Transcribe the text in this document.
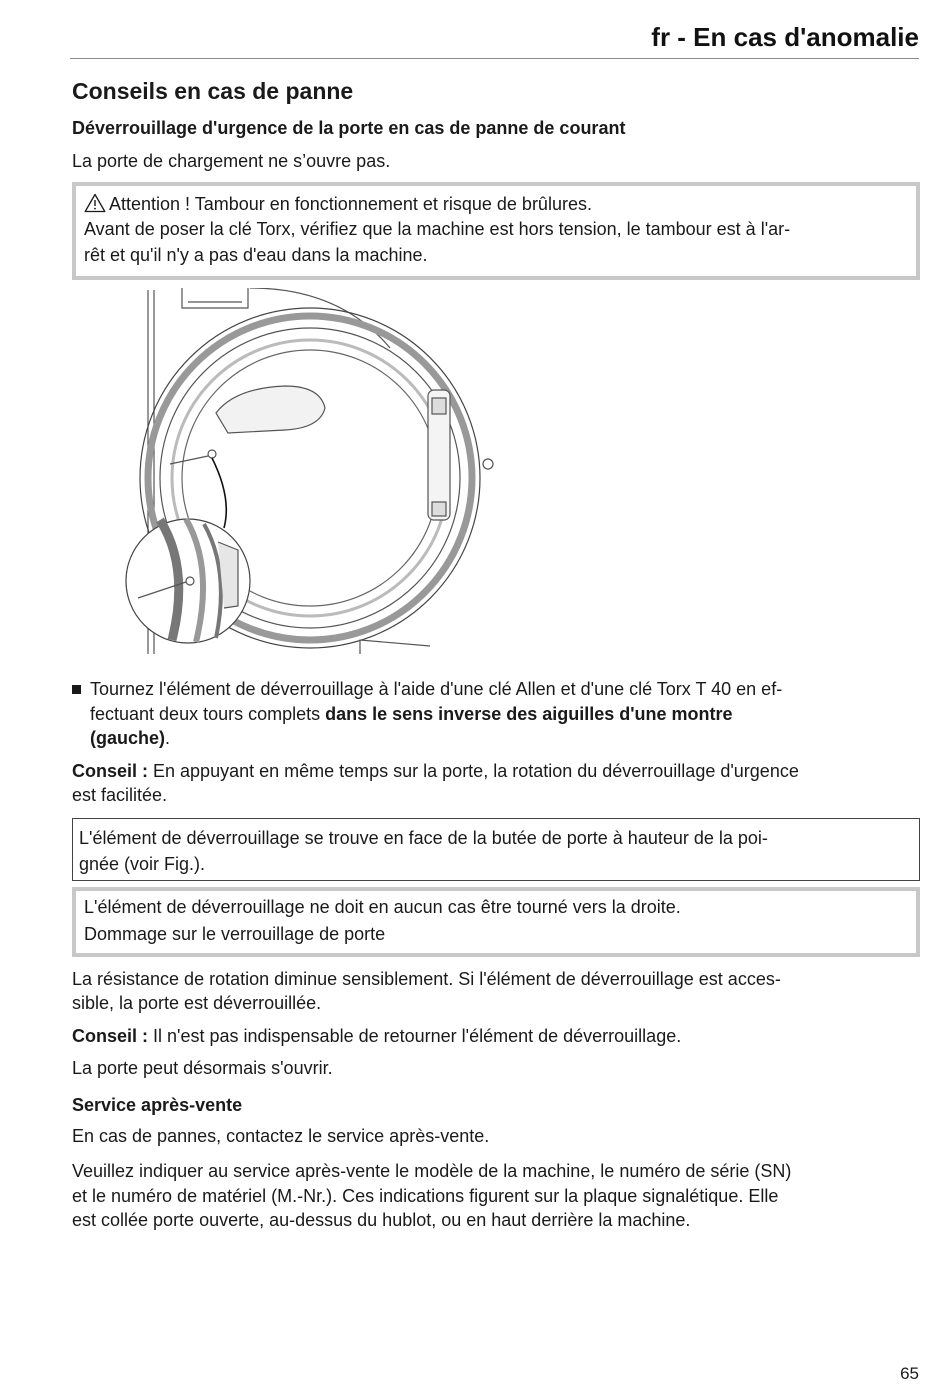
fr - En cas d'anomalie
Conseils en cas de panne
Déverrouillage d'urgence de la porte en cas de panne de courant

La porte de chargement ne s’ouvre pas.

Attention ! Tambour en fonctionnement et risque de brûlures.
Avant de poser la clé Torx, vérifiez que la machine est hors tension, le tambour est à l'ar-
rêt et qu'il n'y a pas d'eau dans la machine.

Tournez l'élément de déverrouillage à l'aide d'une clé Allen et d'une clé Torx T 40 en ef-
fectuant deux tours complets dans le sens inverse des aiguilles d'une montre
(gauche).

Conseil : En appuyant en même temps sur la porte, la rotation du déverrouillage d'urgence
est facilitée.

L'élément de déverrouillage se trouve en face de la butée de porte à hauteur de la poi-
gnée (voir Fig.).
L'élément de déverrouillage ne doit en aucun cas être tourné vers la droite.
Dommage sur le verrouillage de porte

La résistance de rotation diminue sensiblement. Si l'élément de déverrouillage est acces-
sible, la porte est déverrouillée.

Conseil : Il n'est pas indispensable de retourner l'élément de déverrouillage.

La porte peut désormais s'ouvrir.

Service après-vente

En cas de pannes, contactez le service après-vente.

Veuillez indiquer au service après-vente le modèle de la machine, le numéro de série (SN)
et le numéro de matériel (M.-Nr.). Ces indications figurent sur la plaque signalétique. Elle
est collée porte ouverte, au-dessus du hublot, ou en haut derrière la machine.

65
